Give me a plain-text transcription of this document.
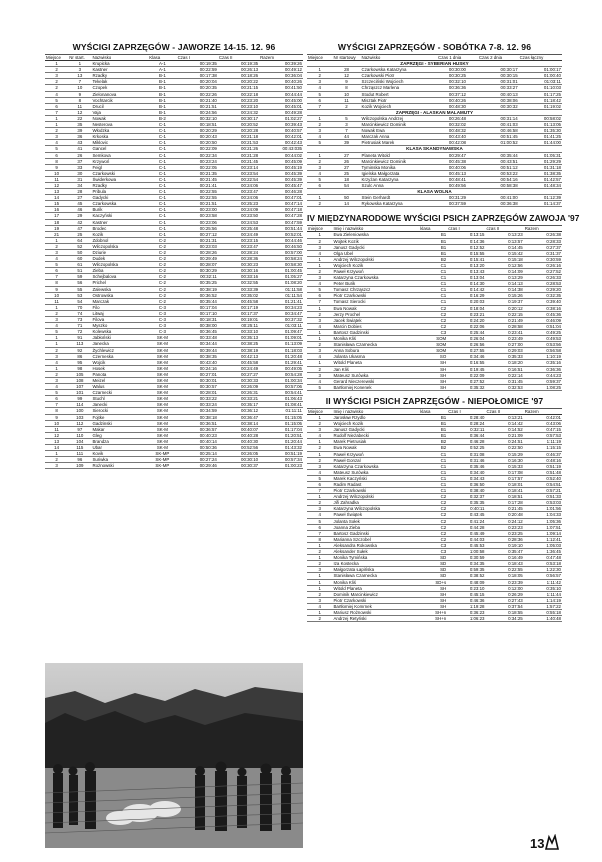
WYŚCIGI ZAPRZĘGÓW - JAWORZE 14-15. 12. 96
Miejsce	Nr start.	Nazwisko	Klasa	Czas I	Czas II	Razem
1	1	Krupicka	A-1	00:19:35	00:19:35	00:39:26
2	3	Kastner	A-1	00:22:59	00:26:13	00:49:12
3	13	Rzadky	B-1	00:17:38	00:18:26	00:36:04
2	7	Tekelak	B-1	00:20:04	00:20:22	00:40:26
2	10	Czopek	B-1	00:20:35	00:21:15	00:41:50
4	9	Zielonanova	B-1	00:22:26	00:22:18	00:44:44
5	8	Vochtarcik	B-1	00:21:40	00:23:20	00:45:00
6	11	Drucil	B-1	00:21:51	00:23:10	00:45:01
7	12	Vaja	B-1	00:24:56	00:24:32	00:49:28
1	22	Nowak	B-2	00:32:10	00:30:17	01:02:27
1	35	Nesterova	C-1	00:18:51	00:20:52	00:39:43
2	39	Włodzka	C-1	00:20:29	00:20:28	00:40:57
3	36	Krkoska	C-1	00:20:43	00:21:18	00:42:01
4	43	Miklovic	C-1	00:20:50	00:21:53	00:42:43
5	41	Gancel	C-1	00:22:09	00:21:26	00:43:035
6	26	Semkova	C-1	00:22:34	00:21:28	00:44:02
8	37	Krzywoń	C-1	00:23:24	00:21:45	00:45:09
9	33	Feigl	C-1	00:22:05	00:23:14	00:45:19
10	30	Czarkowski	C-1	00:21:35	00:23:54	00:45:39
11	31	Świderkowa	C-1	00:21:45	00:22:54	00:45:39
12	34	Rzadky	C-1	00:21:41	00:24:06	00:45:47
13	28	Pribula	C-1	00:22:55	00:23:47	00:46:28
14	27	Gadycki	C-1	00:22:55	00:24:06	00:47:01
15	45	Czarkowska	C-1	00:21:51	00:25:23	00:47:14
16	46	Burik	C-1	00:23:00	00:24:09	00:47:18
17	29	Kaczyński	C-1	00:23:58	00:23:50	00:47:28
18	42	Kastner	C-1	00:23:06	00:24:53	00:47:59
19	47	Brodec	C-1	00:25:56	00:25:48	00:51:44
21	25	Kozik	C-1	00:27:12	00:24:49	00:52:01
1	64	Zdobnol	C-2	00:21:31	00:23:15	00:44:46
2	52	Wilczopolska	C-2	00:23:03	00:23:47	00:46:50
3	50	Dziurie	C-2	00:28:26	00:28:24	00:57:00
4	60	Dudek	C-2	00:29:49	00:28:36	00:58:24
5	61	Wilczopolska	C-2	00:28:07	00:30:23	00:58:30
6	51	Zieba	C-2	00:30:29	00:30:16	01:00:45
7	59	Schejbalova	C-2	00:32:11	00:33:16	01:05:27
8	56	Prichel	C-2	00:35:25	00:32:55	01:08:20
9	55	Zalewska	C-2	00:38:19	00:33:39	01:11:58
10	53	Ostrowska	C-2	00:36:52	00:35:02	01:11:54
11	54	Marczak	C-2	00:35:44	00:45:58	01:21:41
1	70	Filo	C-3	00:17:04	00:17:19	00:34:23
2	74	Litwaj	C-3	00:17:10	00:17:37	00:34:47
3	73	Filova	C-3	00:18:31	00:19:01	00:37:32
4	71	Myszko	C-3	00:38:00	00:25:11	01:03:11
5	72	Kolewska	C-3	00:36:45	00:33:10	01:09:47
1	91	Jabłoński	SK-M	00:33:48	00:35:13	01:09:01
1	113	Janecka	SK-M	00:34:44	00:38:25	01:13:09
2	92	Żychlewicz	SK-M	00:39:44	00:38:19	01:18:03
3	86	Czerneska	SK-M	00:38:35	00:42:13	01:20:48
4	95	Wojcik	SK-M	00:43:40	00:45:58	01:29:41
1	98	Hosek	SK-M	00:24:16	00:24:49	00:49:05
2	105	Panota	SK-M	00:27:01	00:27:27	00:54:28
3	108	Meizel	SK-M	00:30:01	00:30:33	01:00:34
4	107	Walus	SK-M	00:30:57	00:26:09	00:57:06
5	101	Czarnecki	SK-M	00:28:01	00:26:31	00:54:41
6	99	Stuchl	SK-M	00:33:22	00:33:21	01:06:43
7	114	Janecki	SK-M	00:33:24	00:35:17	01:08:41
8	100	Sierocki	SK-M	00:34:59	00:36:12	01:11:11
9	103	Fojtke	SK-M	00:38:18	00:36:47	01:15:05
10	112	Gadzinski	SK-M	00:36:51	00:38:14	01:15:05
11	97	Makar	SK-M	00:36:57	00:40:07	01:17:04
12	110	Gleg	SK-M	00:40:23	00:40:28	01:20:51
13	104	Brandza	SK-M	00:40:14	00:40:30	01:20:44
14	115	Ubar	SK-M	00:50:36	00:52:56	01:43:32
1	111	Kovik	SK-MP	00:25:14	00:26:05	00:51:19
2	96	Suriwka	SK-MP	00:27:24	00:30:10	00:57:34
3	109	Rożnowski	SK-MP	00:29:46	00:30:37	01:00:23
WYŚCIGI ZAPRZĘGÓW - SOBÓTKA 7-8. 12. 96
Miejsce	Nr startowy	Nazwisko	Czas 1 dnia	Czas 2 dnia	Czas łączny
ZAPRZĘGI - SYBERIAN HUSKY					
1	28	Czarkowska Katarzyna	00:30:00	00:30:17	01:00:17
2	12	Czarkowski Piotr	00:30:25	00:30:15	01:00:40
3	9	Szczeciński Wojciech	00:32:10	00:31:01	01:03:11
4	8	Chrząszcz Marlena	00:36:36	00:33:27	01:10:03
5	10	Stodut Robert	00:37:12	00:40:13	01:17:25
6	11	Misztak Piotr	00:40:26	00:38:06	01:18:42
7	2	Kozik Wojciech	00:48:30	00:30:32	01:19:02
ZAPRZĘGI - ALASKAN MALAMUTY					
1	5	Wilczopolska Andrzej	00:26:48	00:31:14	00:58:02
2	3	Marcinkiewicz Dominik	00:32:02	00:41:03	01:13:05
3	7	Nowak Ewa	00:48:32	00:46:58	01:35:30
4	44	Marczak Anna	00:43:40	00:51:45	01:41:25
5	39	Pietrusiak Marek	00:42:08	01:00:52	01:44:00
KLASA SKANDYNAWSKA					
1	27	Planeta Witold	00:29:47	00:35:44	01:05:31
2	26	Marcinkiewicz Dominik	00:45:38	00:43:51	01:29:29
3	27	Tyminska Monika	00:40:06	00:51:12	01:31:18
4	25	Igielska Małgorzata	00:45:13	00:53:22	01:38:35
5	18	Krzyżan Katarzyna	00:48:41	00:54:16	01:42:57
6	54	Szulc Anna	00:49:56	00:58:38	01:48:34
KLASA WOLNA					
1	50	Stein Gerhardt	00:31:29	00:41:00	01:12:39
2	14	Rykowska Katarzyna	00:37:59	00:36:38	01:14:37
IV MIĘDZYNARODOWE WYŚCIGI PSICH ZAPRZĘGÓW ZAWOJA '97
miejsce	Imię i nazwisko	klasa	czas I	czas II	Razem
1	Ewa Zieleniowska	B1	0:13:15	0:13:23	0:26:38
2	Wojtek Kozik	B1	0:14:36	0:13:57	0:28:33
3	Janusz Gadycki	B1	0:12:52	0:14:45	0:27:37
4	Olga Ubel	B1	0:15:55	0:15:42	0:31:37
1	Andrzej Wilczopolski	B2	0:15:41	0:15:18	0:30:59
1	Wojciech Kozik	C1	0:13:20	0:12:56	0:26:16
2	Paweł Krzywoń	C1	0:13:43	0:14:09	0:27:52
3	Katarzyna Czarkowska	C1	0:13:04	0:13:29	0:26:33
4	Peter Burik	C1	0:14:30	0:14:13	0:28:53
5	Tomasz Chrząszcz	C1	0:14:42	0:14:38	0:29:20
6	Piotr Czarkowski	C1	0:16:29	0:15:26	0:32:35
7	Tomasz Sierocki	C1	0:20:03	0:19:37	0:39:40
1	Ewa Nowak	C2	0:18:04	0:20:12	0:38:16
2	Jerzy Prochel	C2	0:23:21	0:22:15	0:45:36
3	Jacek Świątek	C2	0:24:20	0:21:49	0:46:09
4	Marcin Dobies	C2	0:22:06	0:28:58	0:51:04
1	Bartosz Gadzinski	C3	0:25:44	0:23:41	0:49:25
1	Monika Kliś	SOM	0:26:04	0:23:49	0:49:53
2	Stanisława Czarnecka	SOM	0:26:56	0:27:00	0:53:56
3	Anna Sobura	SOM	0:27:55	0:29:03	0:56:58
4	Jolanta Ukasma	SO	0:34:46	0:35:33	1:10:19
1	Witold Planeta	SH	0:16:55	0:18:20	0:35:16
2	Jan Kliś	SH	0:19:45	0:16:51	0:36:36
3	Mateusz Surówka	SH	0:22:09	0:22:14	0:44:23
4	Gerard Nieczerewski	SH	0:27:52	0:31:45	0:59:37
5	Bartłomiej Konenek	SH	0:35:32	0:32:53	1:08:25
II WYŚCIGI PSICH ZAPRZĘGÓW - NIEPOŁOMICE '97
Miejsce	Imię i nazwisko	klasa	Czas I	Czas II	Razem
1	Jarosław Rzydlo	B1	0:28:40	0:13:21	0:42:01
2	Wojciech Kozik	B1	0:28:24	0:14:42	0:43:06
3	Janusz Gadycki	B1	0:32:11	0:14:52	0:47:15
4	Rudolf Nieżabecki	B1	0:36:44	0:21:09	0:57:53
1	Marek Pietrusiak	B2	0:46:28	0:24:51	1:11:19
2	Ewa Nowak	B2	0:52:25	0:22:50	1:15:15
1	Paweł Krzywoń	C1	0:31:08	0:15:29	0:46:37
2	Paweł Gonzal	C1	0:31:46	0:16:30	0:48:16
3	Katarzyna Czarkowska	C1	0:35:46	0:15:33	0:51:19
4	Mateusz Surówka	C1	0:34:40	0:17:08	0:51:48
5	Marek Kaczyński	C1	0:34:43	0:17:57	0:52:40
6	Radim Radast	C1	0:36:50	0:18:01	0:54:51
7	Piotr Czarkowski	C1	0:38:40	0:18:41	0:57:21
1	Andrzej Wilczopolski	C2	0:32:37	0:18:51	0:51:33
2	Jiři Zahradka	C2	0:35:35	0:17:28	0:53:03
3	Katarzyna Wilczopolska	C2	0:40:11	0:21:45	1:01:56
4	Paweł Świątek	C2	0:43:45	0:20:48	1:04:33
5	Jolanta Sołek	C2	0:41:24	0:24:12	1:05:36
6	Joanna Zieba	C2	0:44:28	0:23:23	1:07:51
7	Bartosz Gadzinski	C2	0:45:49	0:23:25	1:09:14
8	Marianna Szczobel	C2	0:44:03	0:28:36	1:12:41
1	Aleksandra Rokowska	C3	0:45:53	0:19:10	1:05:03
2	Aleksander Sułek	C3	1:00:58	0:35:47	1:36:45
1	Monika Tymińska	SD	0:30:59	0:16:49	0:47:48
2	Iza Kostecka	SD	0:34:35	0:18:43	0:53:18
3	Małgorzata Łapińska	SD	0:59:35	0:22:55	1:22:30
1	Stanisława Czarnecka	SD	0:38:52	0:18:05	0:56:57
1	Monika Kliś	SD+s	0:48:09	0:23:39	1:11:42
1	Witold Planeta	SH	0:23:10	0:12:00	0:35:10
2	Dominik Marcinkiewicz	SH	0:45:15	0:26:29	1:11:44
3	Piotr Czarkowski	SH	0:46:36	0:27:43	1:14:19
4	Bartłomiej Komrnek	SH	1:19:28	0:37:54	1:57:22
1	Mariusz Rożnowski	SH+n	0:36:23	0:18:55	0:55:18
2	Andrzej Retyński	SH+n	1:06:23	0:34:25	1:40:48
13
